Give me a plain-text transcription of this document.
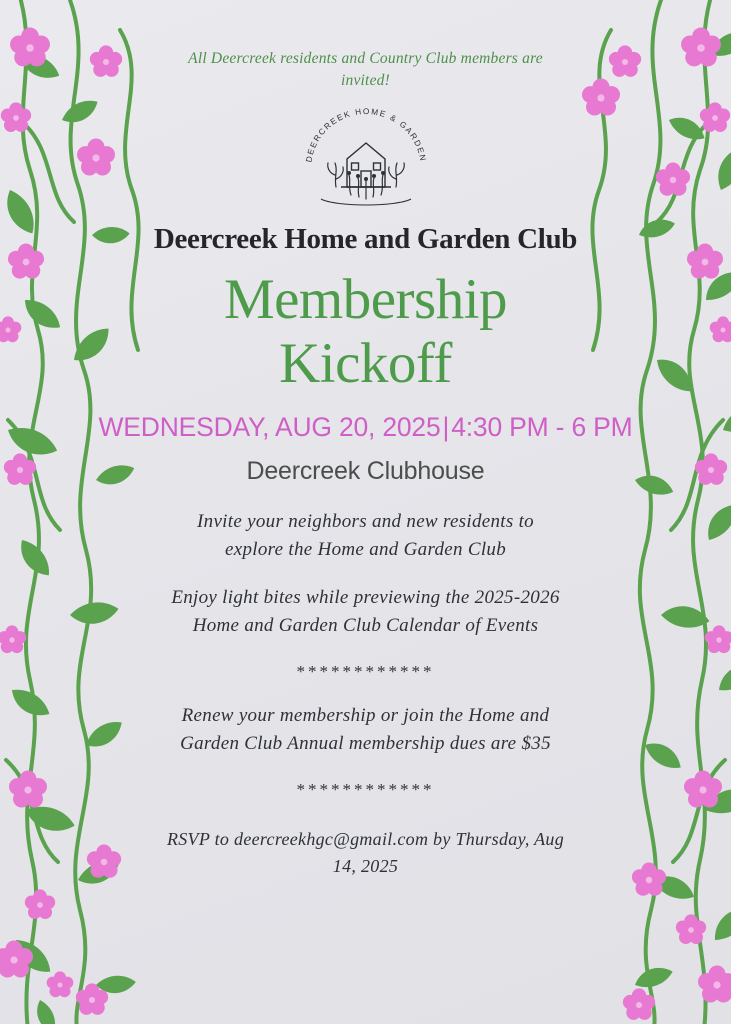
All Deercreek residents and Country Club members are invited!
DEERCREEK HOME & GARDEN
Deercreek Home and Garden Club
Membership
Kickoff
WEDNESDAY, AUG 20, 2025|4:30 PM - 6 PM
Deercreek Clubhouse
Invite your neighbors and new residents to explore the Home and Garden Club
Enjoy light bites while previewing the 2025-2026 Home and Garden Club Calendar of Events
************
Renew your membership or join the Home and Garden Club Annual membership dues are $35
************
RSVP to deercreekhgc@gmail.com by Thursday, Aug 14, 2025
